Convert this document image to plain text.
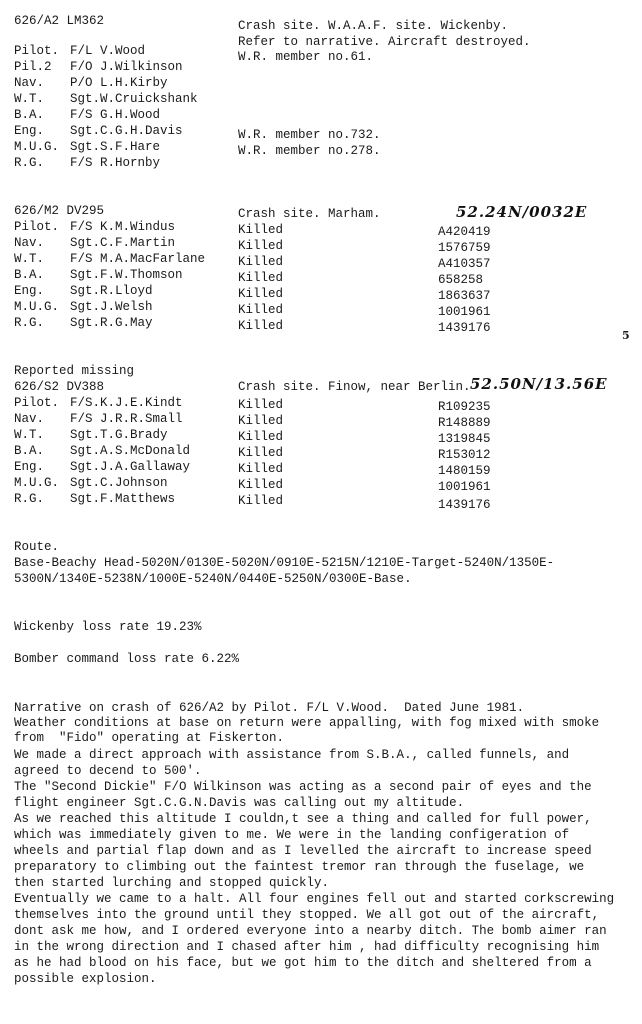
626/A2 LM362	Crash site. W.A.A.F. site. Wickenby.
Refer to narrative. Aircraft destroyed.
Pilot. F/L V.Wood	W.R. member no.61.
Pil.2 F/O J.Wilkinson
Nav. P/O L.H.Kirby
W.T. Sgt.W.Cruickshank
B.A. F/S G.H.Wood
Eng. Sgt.C.G.H.Davis	W.R. member no.732.
M.U.G. Sgt.S.F.Hare	W.R. member no.278.
R.G. F/S R.Hornby
626/M2 DV295	Crash site. Marham.	52.24N/0032E
Pilot. F/S K.M.Windus	Killed	A420419
Nav. Sgt.C.F.Martin	Killed	1576759
W.T. F/S M.A.MacFarlane	Killed	A410357
B.A. Sgt.F.W.Thomson	Killed	658258
Eng. Sgt.R.Lloyd	Killed	1863637
M.U.G. Sgt.J.Welsh	Killed	1001961
R.G. Sgt.R.G.May	Killed	1439176
5
Reported missing
626/S2 DV388	Crash site. Finow, near Berlin. 52.50N/13.56E
Pilot. F/S.K.J.E.Kindt	Killed	R109235
Nav. F/S J.R.R.Small	Killed	R148889
W.T. Sgt.T.G.Brady	Killed	1319845
B.A. Sgt.A.S.McDonald	Killed	R153012
Eng. Sgt.J.A.Gallaway	Killed	1480159
M.U.G. Sgt.C.Johnson	Killed	1001961
R.G. Sgt.F.Matthews	Killed	1439176
Route.
Base-Beachy Head-5020N/0130E-5020N/0910E-5215N/1210E-Target-5240N/1350E-
5300N/1340E-5238N/1000E-5240N/0440E-5250N/0300E-Base.
Wickenby loss rate 19.23%
Bomber command loss rate 6.22%
Narrative on crash of 626/A2 by Pilot. F/L V.Wood.  Dated June 1981.
Weather conditions at base on return were appalling, with fog mixed with smoke
from  "Fido" operating at Fiskerton.
We made a direct approach with assistance from S.B.A., called funnels, and
agreed to decend to 500'.
The "Second Dickie" F/O Wilkinson was acting as a second pair of eyes and the
flight engineer Sgt.C.G.N.Davis was calling out my altitude.
As we reached this altitude I couldn,t see a thing and called for full power,
which was immediately given to me. We were in the landing configeration of
wheels and partial flap down and as I levelled the aircraft to increase speed
preparatory to climbing out the faintest tremor ran through the fuselage, we
then started lurching and stopped quickly.
Eventually we came to a halt. All four engines fell out and started corkscrewing
themselves into the ground until they stopped. We all got out of the aircraft,
dont ask me how, and I ordered everyone into a nearby ditch. The bomb aimer ran
in the wrong direction and I chased after him , had difficulty recognising him
as he had blood on his face, but we got him to the ditch and sheltered from a
possible explosion.
